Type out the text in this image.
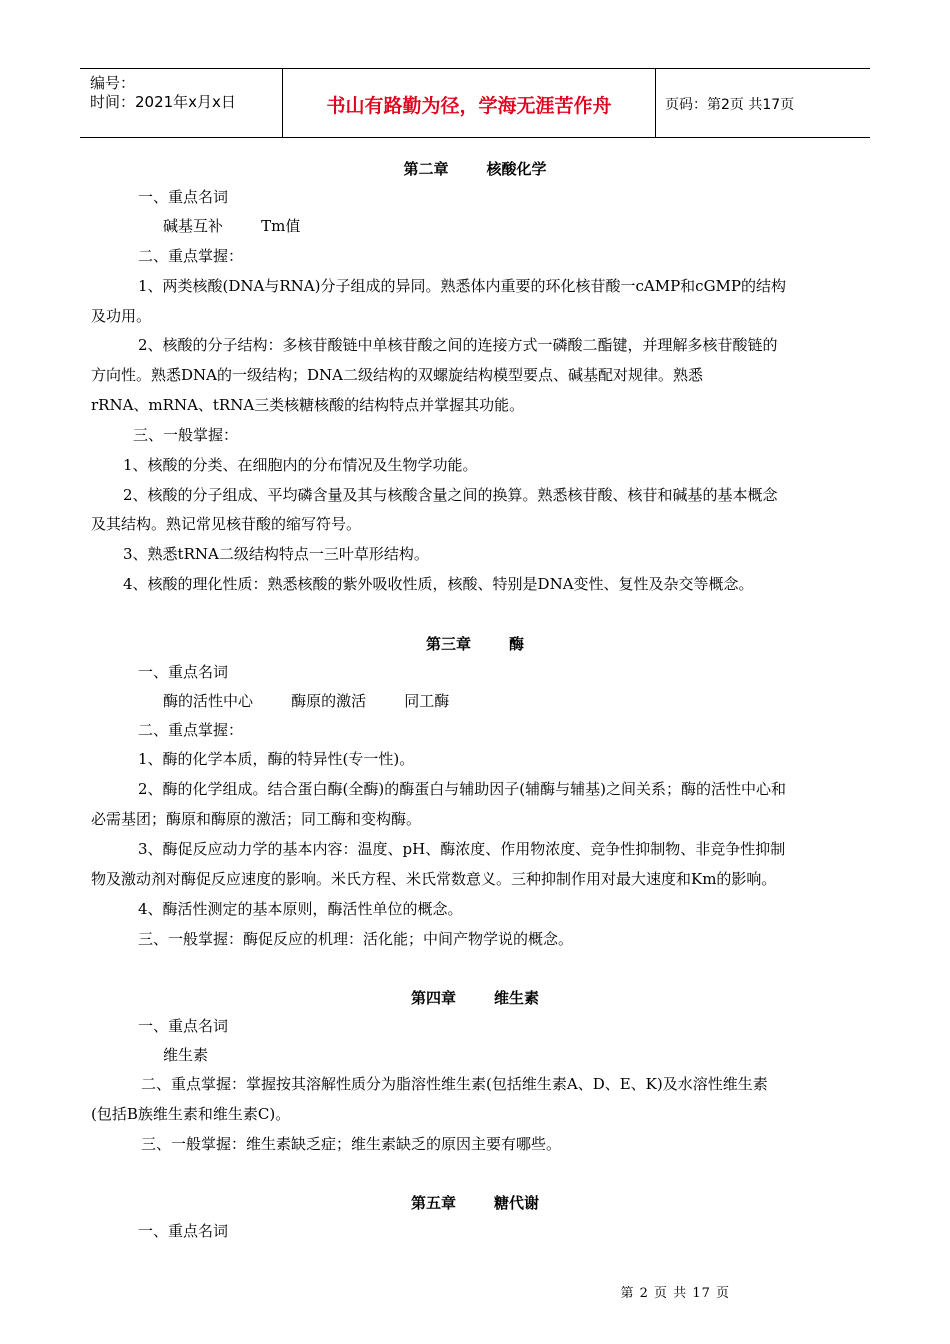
编号：
时间：2021年x月x日	书山有路勤为径，学海无涯苦作舟	页码：第2页 共17页
第二章	核酸化学
一、重点名词
碱基互补        Tm值
二、重点掌握：
1、两类核酸(DNA与RNA)分子组成的异同。熟悉体内重要的环化核苷酸一cAMP和cGMP的结构
及功用。
2、核酸的分子结构：多核苷酸链中单核苷酸之间的连接方式一磷酸二酯键，并理解多核苷酸链的
方向性。熟悉DNA的一级结构；DNA二级结构的双螺旋结构模型要点、碱基配对规律。熟悉
rRNA、mRNA、tRNA三类核糖核酸的结构特点并掌握其功能。
三、一般掌握：
1、核酸的分类、在细胞内的分布情况及生物学功能。
2、核酸的分子组成、平均磷含量及其与核酸含量之间的换算。熟悉核苷酸、核苷和碱基的基本概念
及其结构。熟记常见核苷酸的缩写符号。
3、熟悉tRNA二级结构特点一三叶草形结构。
4、核酸的理化性质：熟悉核酸的紫外吸收性质，核酸、特别是DNA变性、复性及杂交等概念。
第三章	酶
一、重点名词
酶的活性中心        酶原的激活        同工酶
二、重点掌握：
1、酶的化学本质，酶的特异性(专一性)。
2、酶的化学组成。结合蛋白酶(全酶)的酶蛋白与辅助因子(辅酶与辅基)之间关系；酶的活性中心和
必需基团；酶原和酶原的激活；同工酶和变构酶。
3、酶促反应动力学的基本内容：温度、pH、酶浓度、作用物浓度、竞争性抑制物、非竞争性抑制
物及激动剂对酶促反应速度的影响。米氏方程、米氏常数意义。三种抑制作用对最大速度和Km的影响。
4、酶活性测定的基本原则，酶活性单位的概念。
三、一般掌握：酶促反应的机理：活化能；中间产物学说的概念。
第四章	维生素
一、重点名词
维生素
二、重点掌握：掌握按其溶解性质分为脂溶性维生素(包括维生素A、D、E、K)及水溶性维生素
(包括B族维生素和维生素C)。
三、一般掌握：维生素缺乏症；维生素缺乏的原因主要有哪些。
第五章	糖代谢
一、重点名词
第 2 页 共 17 页
